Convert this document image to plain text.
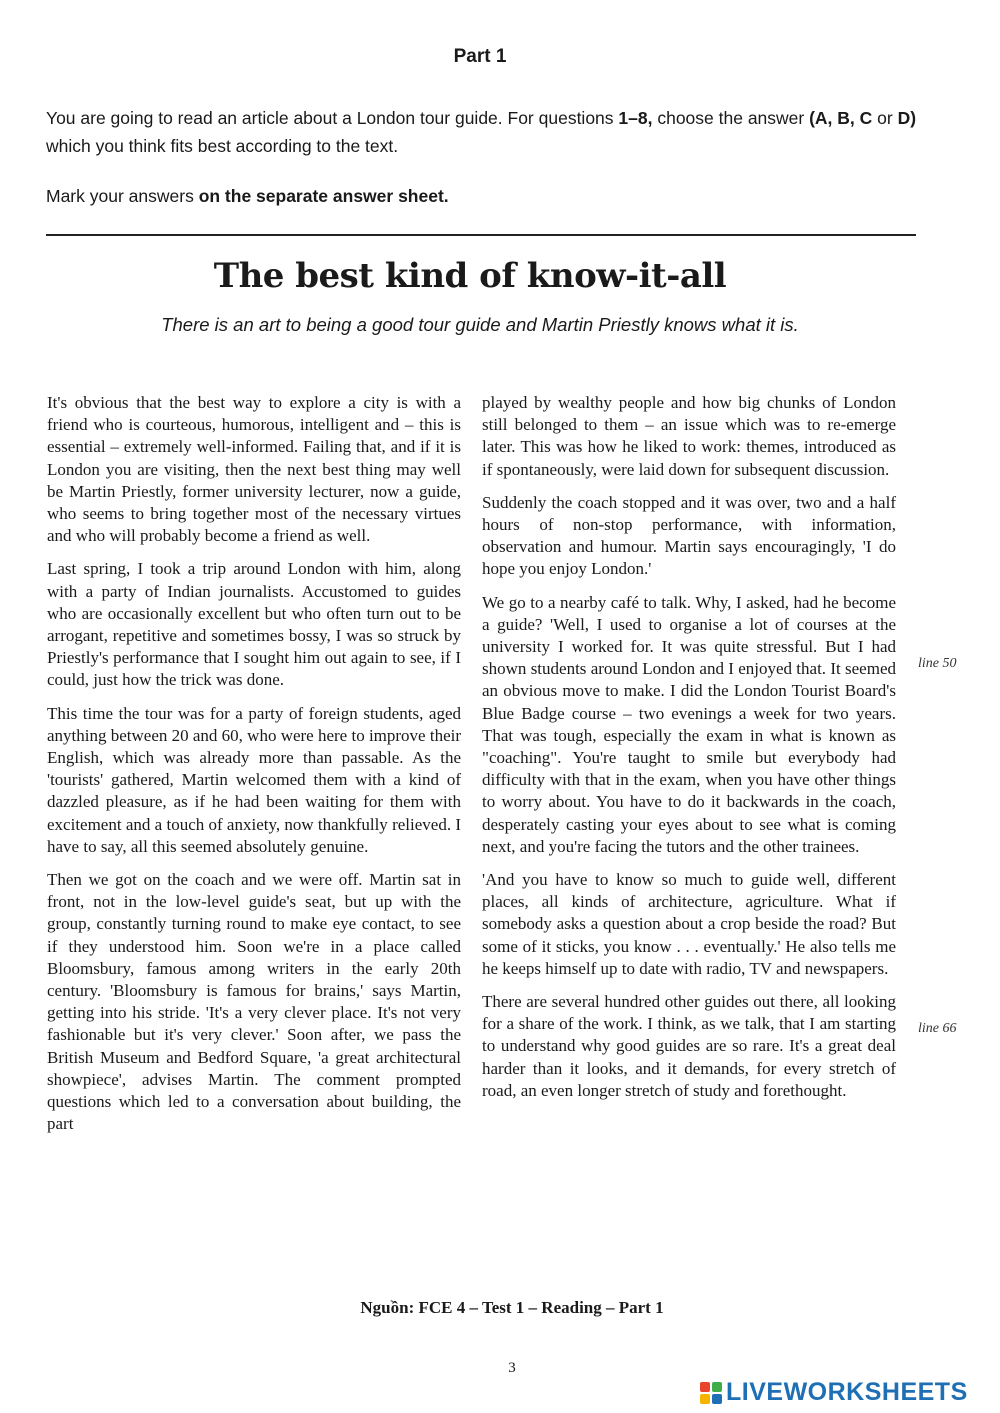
Part 1

You are going to read an article about a London tour guide. For questions 1–8, choose the answer (A, B, C or D) which you think fits best according to the text.

Mark your answers on the separate answer sheet.

The best kind of know-it-all
There is an art to being a good tour guide and Martin Priestly knows what it is.

It's obvious that the best way to explore a city is with a friend who is courteous, humorous, intelligent and – this is essential – extremely well-informed. Failing that, and if it is London you are visiting, then the next best thing may well be Martin Priestly, former university lecturer, now a guide, who seems to bring together most of the necessary virtues and who will probably become a friend as well.

Last spring, I took a trip around London with him, along with a party of Indian journalists. Accustomed to guides who are occasionally excellent but who often turn out to be arrogant, repetitive and sometimes bossy, I was so struck by Priestly's performance that I sought him out again to see, if I could, just how the trick was done.

This time the tour was for a party of foreign students, aged anything between 20 and 60, who were here to improve their English, which was already more than passable. As the 'tourists' gathered, Martin welcomed them with a kind of dazzled pleasure, as if he had been waiting for them with excitement and a touch of anxiety, now thankfully relieved. I have to say, all this seemed absolutely genuine.

Then we got on the coach and we were off. Martin sat in front, not in the low-level guide's seat, but up with the group, constantly turning round to make eye contact, to see if they understood him. Soon we're in a place called Bloomsbury, famous among writers in the early 20th century. 'Bloomsbury is famous for brains,' says Martin, getting into his stride. 'It's a very clever place. It's not very fashionable but it's very clever.' Soon after, we pass the British Museum and Bedford Square, 'a great architectural showpiece', advises Martin. The comment prompted questions which led to a conversation about building, the part

played by wealthy people and how big chunks of London still belonged to them – an issue which was to re-emerge later. This was how he liked to work: themes, introduced as if spontaneously, were laid down for subsequent discussion.

Suddenly the coach stopped and it was over, two and a half hours of non-stop performance, with information, observation and humour. Martin says encouragingly, 'I do hope you enjoy London.'

We go to a nearby café to talk. Why, I asked, had he become a guide? 'Well, I used to organise a lot of courses at the university I worked for. It was quite stressful. But I had shown students around London and I enjoyed that. It seemed an obvious move to make. I did the London Tourist Board's Blue Badge course – two evenings a week for two years. That was tough, especially the exam in what is known as "coaching". You're taught to smile but everybody had difficulty with that in the exam, when you have other things to worry about. You have to do it backwards in the coach, desperately casting your eyes about to see what is coming next, and you're facing the tutors and the other trainees.

'And you have to know so much to guide well, different places, all kinds of architecture, agriculture. What if somebody asks a question about a crop beside the road? But some of it sticks, you know . . . eventually.' He also tells me he keeps himself up to date with radio, TV and newspapers.

There are several hundred other guides out there, all looking for a share of the work. I think, as we talk, that I am starting to understand why good guides are so rare. It's a great deal harder than it looks, and it demands, for every stretch of road, an even longer stretch of study and forethought.

line 50
line 66
Nguồn: FCE 4 – Test 1 – Reading – Part 1
3
LIVEWORKSHEETS
